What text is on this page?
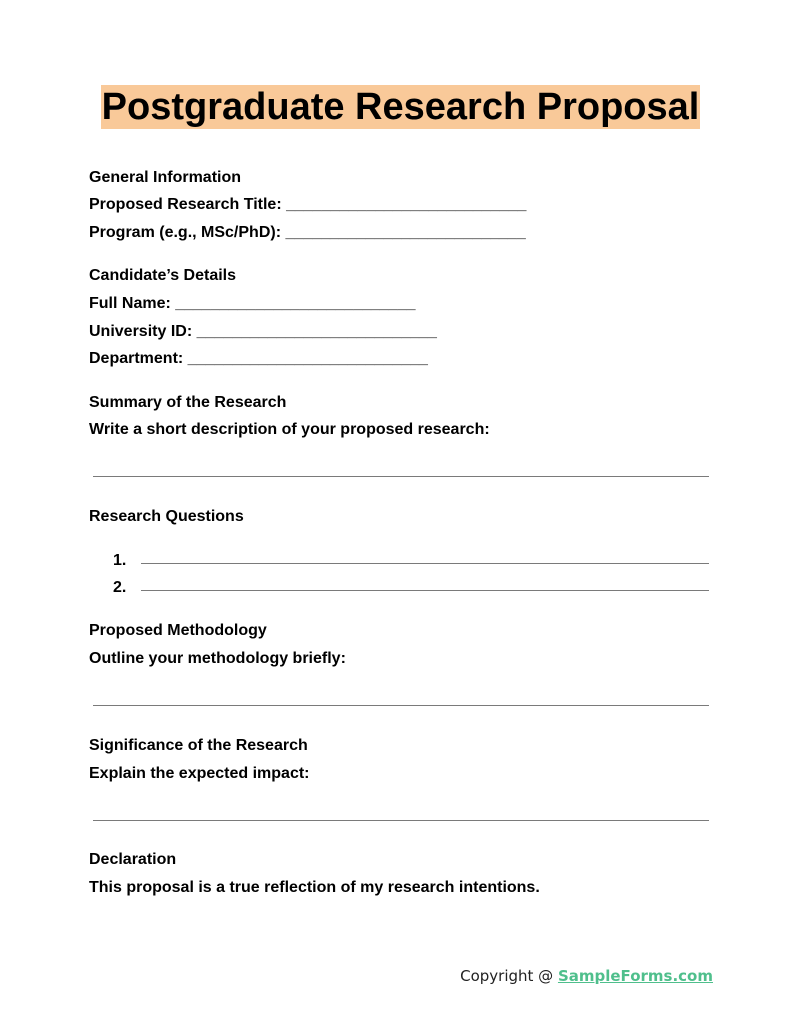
Postgraduate Research Proposal
General Information
Proposed Research Title: ___________________________
Program (e.g., MSc/PhD): ___________________________
Candidate’s Details
Full Name: ___________________________
University ID: ___________________________
Department: ___________________________
Summary of the Research
Write a short description of your proposed research:
Research Questions
1.
2.
Proposed Methodology
Outline your methodology briefly:
Significance of the Research
Explain the expected impact:
Declaration
This proposal is a true reflection of my research intentions.
Copyright @ SampleForms.com
